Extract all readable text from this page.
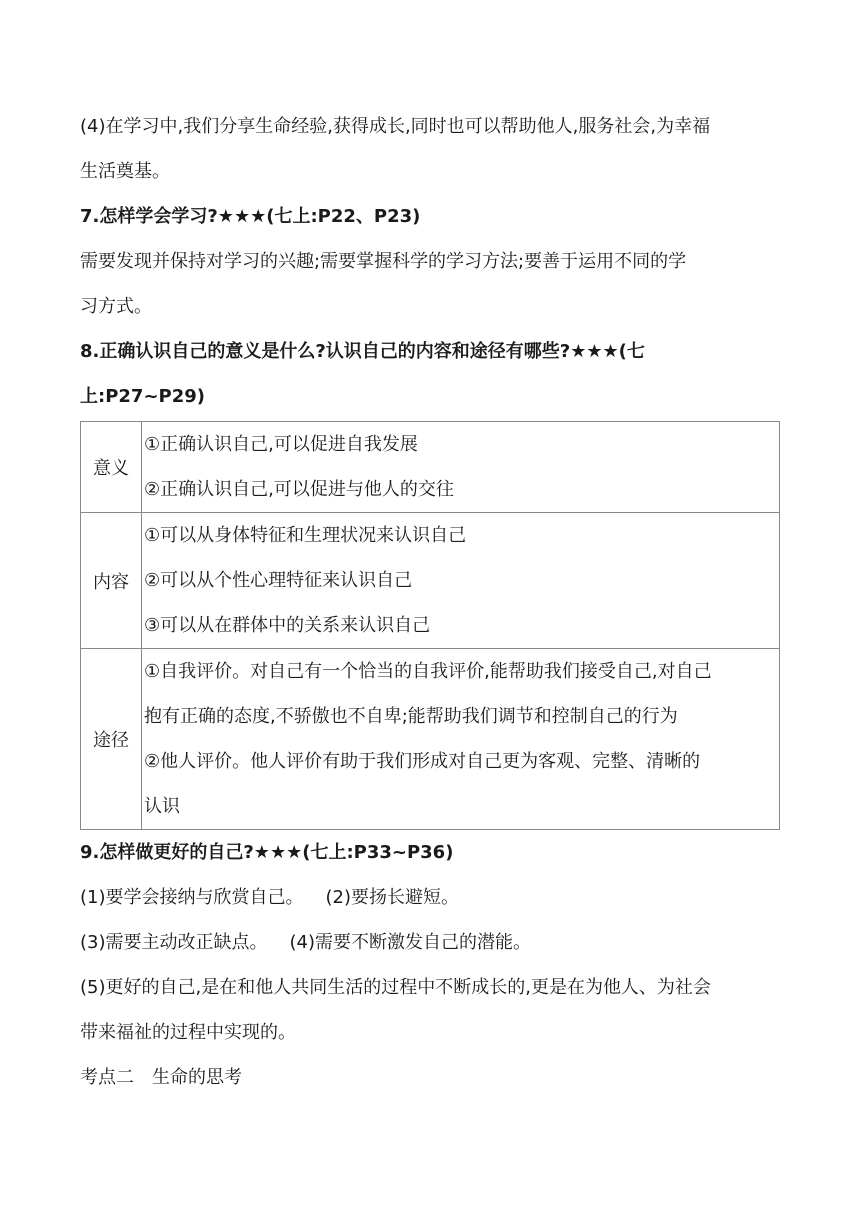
(4)在学习中,我们分享生命经验,获得成长,同时也可以帮助他人,服务社会,为幸福
生活奠基。

7.怎样学会学习?★★★(七上:P22、P23)

需要发现并保持对学习的兴趣;需要掌握科学的学习方法;要善于运用不同的学
习方式。

8.正确认识自己的意义是什么?认识自己的内容和途径有哪些?★★★(七
上:P27~P29)

意义	①正确认识自己,可以促进自我发展
②正确认识自己,可以促进与他人的交往

内容	①可以从身体特征和生理状况来认识自己
②可以从个性心理特征来认识自己
③可以从在群体中的关系来认识自己

途径	①自我评价。对自己有一个恰当的自我评价,能帮助我们接受自己,对自己
抱有正确的态度,不骄傲也不自卑;能帮助我们调节和控制自己的行为
②他人评价。他人评价有助于我们形成对自己更为客观、完整、清晰的
认识

9.怎样做更好的自己?★★★(七上:P33~P36)

(1)要学会接纳与欣赏自己。 (2)要扬长避短。

(3)需要主动改正缺点。 (4)需要不断激发自己的潜能。

(5)更好的自己,是在和他人共同生活的过程中不断成长的,更是在为他人、为社会
带来福祉的过程中实现的。

考点二 生命的思考
